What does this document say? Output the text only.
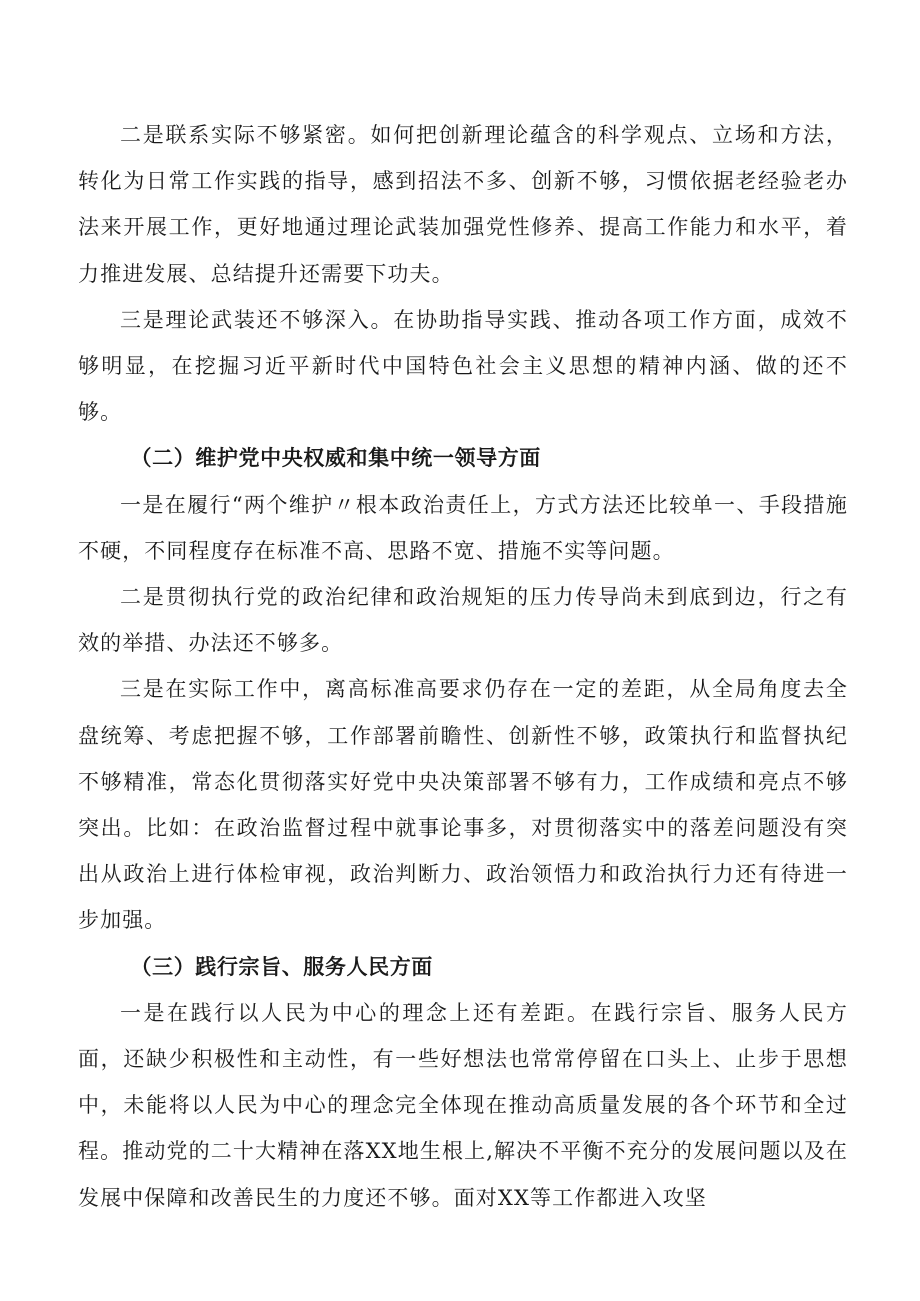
二是联系实际不够紧密。如何把创新理论蕴含的科学观点、立场和方法，转化为日常工作实践的指导，感到招法不多、创新不够，习惯依据老经验老办法来开展工作，更好地通过理论武装加强党性修养、提高工作能力和水平，着力推进发展、总结提升还需要下功夫。

三是理论武装还不够深入。在协助指导实践、推动各项工作方面，成效不够明显，在挖掘习近平新时代中国特色社会主义思想的精神内涵、做的还不够。

（二）维护党中央权威和集中统一领导方面

一是在履行“两个维护〃根本政治责任上，方式方法还比较单一、手段措施不硬，不同程度存在标准不高、思路不宽、措施不实等问题。

二是贯彻执行党的政治纪律和政治规矩的压力传导尚未到底到边，行之有效的举措、办法还不够多。

三是在实际工作中，离高标准高要求仍存在一定的差距，从全局角度去全盘统筹、考虑把握不够，工作部署前瞻性、创新性不够，政策执行和监督执纪不够精准，常态化贯彻落实好党中央决策部署不够有力，工作成绩和亮点不够突出。比如：在政治监督过程中就事论事多，对贯彻落实中的落差问题没有突出从政治上进行体检审视，政治判断力、政治领悟力和政治执行力还有待进一步加强。

（三）践行宗旨、服务人民方面

一是在践行以人民为中心的理念上还有差距。在践行宗旨、服务人民方面，还缺少积极性和主动性，有一些好想法也常常停留在口头上、止步于思想中，未能将以人民为中心的理念完全体现在推动高质量发展的各个环节和全过程。推动党的二十大精神在落XX地生根上,解决不平衡不充分的发展问题以及在发展中保障和改善民生的力度还不够。面对XX等工作都进入攻坚
